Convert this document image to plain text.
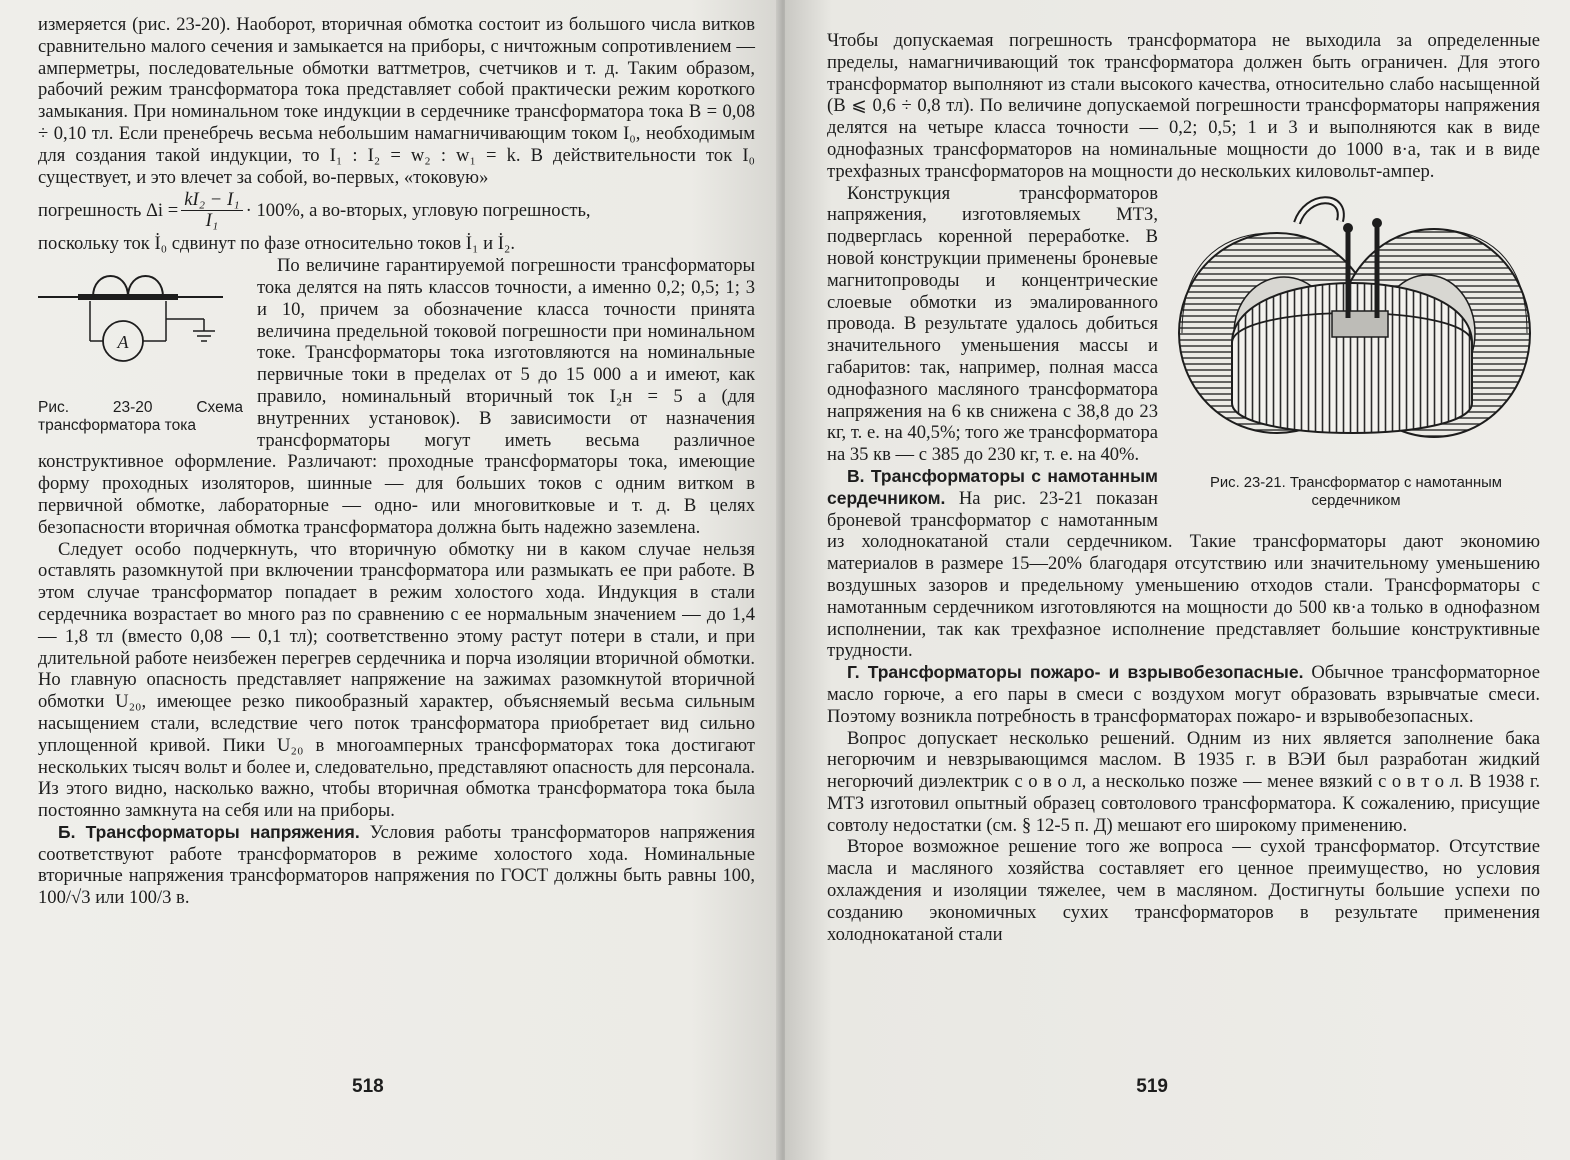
измеряется (рис. 23-20). Наоборот, вторичная обмотка состоит из большого числа витков сравнительно малого сечения и замыкается на приборы, с ничтожным сопротивлением — амперметры, последовательные обмотки ваттметров, счетчиков и т. д. Таким образом, рабочий режим трансформатора тока представляет собой практически режим короткого замыкания. При номинальном токе индукции в сердечнике трансформатора тока B = 0,08 ÷ 0,10 тл. Если пренебречь весьма небольшим намагничивающим током I₀, необходимым для создания такой индукции, то I₁ : I₂ = w₂ : w₁ = k. В действительности ток I₀ существует, и это влечет за собой, во-первых, «токовую»

погрешность $\Delta i = \frac{\text{kI₂ − I₁}}{\text{I₁}} \cdot 100\%$, а во-вторых, угловую погрешность,

поскольку ток İ₀ сдвинут по фазе относительно токов İ₁ и İ₂.

A
Рис. 23-20 Схема трансформатора тока

По величине гарантируемой погрешности трансформаторы тока делятся на пять классов точности, а именно 0,2; 0,5; 1; 3 и 10, причем за обозначение класса точности принята величина предельной токовой погрешности при номинальном токе. Трансформаторы тока изготовляются на номинальные первичные токи в пределах от 5 до 15 000 а и имеют, как правило, номинальный вторичный ток I₂н = 5 а (для внутренних установок). В зависимости от назначения трансформаторы могут иметь весьма различное конструктивное оформление. Различают: проходные трансформаторы тока, имеющие форму проходных изоляторов, шинные — для больших токов с одним витком в первичной обмотке, лабораторные — одно- или многовитковые и т. д. В целях безопасности вторичная обмотка трансформатора должна быть надежно заземлена.

Следует особо подчеркнуть, что вторичную обмотку ни в каком случае нельзя оставлять разомкнутой при включении трансформатора или размыкать ее при работе. В этом случае трансформатор попадает в режим холостого хода. Индукция в стали сердечника возрастает во много раз по сравнению с ее нормальным значением — до 1,4 — 1,8 тл (вместо 0,08 — 0,1 тл); соответственно этому растут потери в стали, и при длительной работе неизбежен перегрев сердечника и порча изоляции вторичной обмотки. Но главную опасность представляет напряжение на зажимах разомкнутой вторичной обмотки U₂₀, имеющее резко пикообразный характер, объясняемый весьма сильным насыщением стали, вследствие чего поток трансформатора приобретает вид сильно уплощенной кривой. Пики U₂₀ в многоамперных трансформаторах тока достигают нескольких тысяч вольт и более и, следовательно, представляют опасность для персонала. Из этого видно, насколько важно, чтобы вторичная обмотка трансформатора тока была постоянно замкнута на себя или на приборы.

Б. Трансформаторы напряжения. Условия работы трансформаторов напряжения соответствуют работе трансформаторов в режиме холостого хода. Номинальные вторичные напряжения трансформаторов напряжения по ГОСТ должны быть равны 100, 100/√3 или 100/3 в.

518

Чтобы допускаемая погрешность трансформатора не выходила за определенные пределы, намагничивающий ток трансформатора должен быть ограничен. Для этого трансформатор выполняют из стали высокого качества, относительно слабо насыщенной (B ⩽ 0,6 ÷ 0,8 тл). По величине допускаемой погрешности трансформаторы напряжения делятся на четыре класса точности — 0,2; 0,5; 1 и 3 и выполняются как в виде однофазных трансформаторов на номинальные мощности до 1000 в·а, так и в виде трехфазных трансформаторов на мощности до нескольких киловольт-ампер.

Рис. 23-21. Трансформатор с намотанным сердечником

Конструкция трансформаторов напряжения, изготовляемых МТЗ, подверглась коренной переработке. В новой конструкции применены броневые магнитопроводы и концентрические слоевые обмотки из эмалированного провода. В результате удалось добиться значительного уменьшения массы и габаритов: так, например, полная масса однофазного масляного трансформатора напряжения на 6 кв снижена с 38,8 до 23 кг, т. е. на 40,5%; того же трансформатора на 35 кв — с 385 до 230 кг, т. е. на 40%.

В. Трансформаторы с намотанным сердечником. На рис. 23-21 показан броневой трансформатор с намотанным из холоднокатаной стали сердечником. Такие трансформаторы дают экономию материалов в размере 15—20% благодаря отсутствию или значительному уменьшению воздушных зазоров и предельному уменьшению отходов стали. Трансформаторы с намотанным сердечником изготовляются на мощности до 500 кв·а только в однофазном исполнении, так как трехфазное исполнение представляет большие конструктивные трудности.

Г. Трансформаторы пожаро- и взрывобезопасные. Обычное трансформаторное масло горюче, а его пары в смеси с воздухом могут образовать взрывчатые смеси. Поэтому возникла потребность в трансформаторах пожаро- и взрывобезопасных.

Вопрос допускает несколько решений. Одним из них является заполнение бака негорючим и невзрывающимся маслом. В 1935 г. в ВЭИ был разработан жидкий негорючий диэлектрик с о в о л, а несколько позже — менее вязкий с о в т о л. В 1938 г. МТЗ изготовил опытный образец совтолового трансформатора. К сожалению, присущие совтолу недостатки (см. § 12-5 п. Д) мешают его широкому применению.

Второе возможное решение того же вопроса — сухой трансформатор. Отсутствие масла и масляного хозяйства составляет его ценное преимущество, но условия охлаждения и изоляции тяжелее, чем в масляном. Достигнуты большие успехи по созданию экономичных сухих трансформаторов в результате применения холоднокатаной стали

519
